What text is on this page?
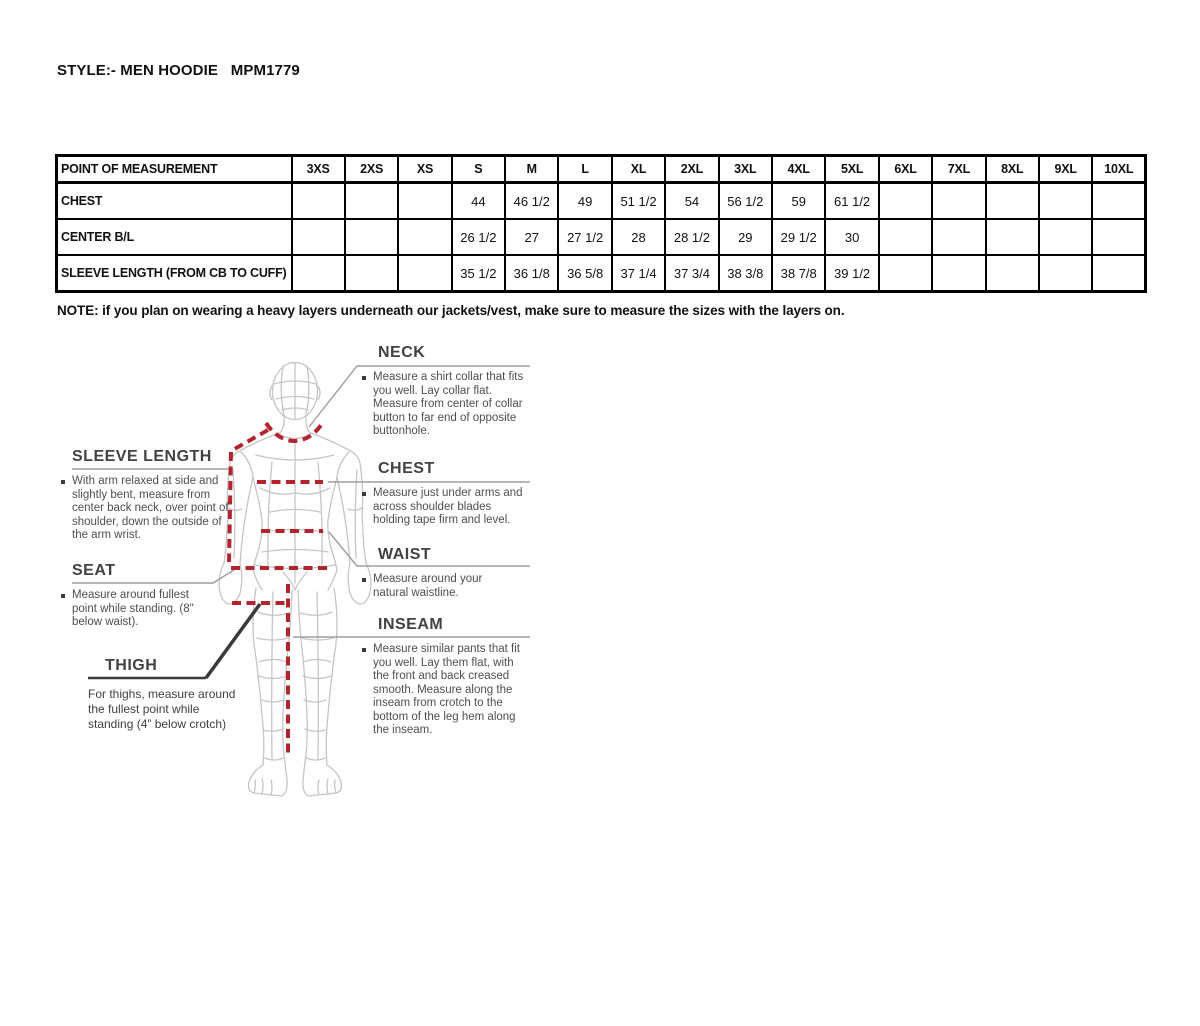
STYLE:- MEN HOODIE   MPM1779
POINT OF MEASUREMENT	3XS	2XS	XS	S	M	L	XL	2XL	3XL	4XL	5XL	6XL	7XL	8XL	9XL	10XL
CHEST				44	46 1/2	49	51 1/2	54	56 1/2	59	61 1/2					
CENTER B/L				26 1/2	27	27 1/2	28	28 1/2	29	29 1/2	30					
SLEEVE LENGTH (FROM CB TO CUFF)				35 1/2	36 1/8	36 5/8	37 1/4	37 3/4	38 3/8	38 7/8	39 1/2					
NOTE: if you plan on wearing a heavy layers underneath our jackets/vest, make sure to measure the sizes with the layers on.
NECK
Measure a shirt collar that fits you well. Lay collar flat. Measure from center of collar button to far end of opposite buttonhole.
CHEST
Measure just under arms and across shoulder blades holding tape firm and level.
WAIST
Measure around your natural waistline.
INSEAM
Measure similar pants that fit you well. Lay them flat, with the front and back creased smooth. Measure along the inseam from crotch to the bottom of the leg hem along the inseam.
SLEEVE LENGTH
With arm relaxed at side and slightly bent, measure from center back neck, over point of shoulder, down the outside of the arm wrist.
SEAT
Measure around fullest point while standing. (8" below waist).
THIGH
For thighs, measure around the fullest point while standing (4” below crotch)
